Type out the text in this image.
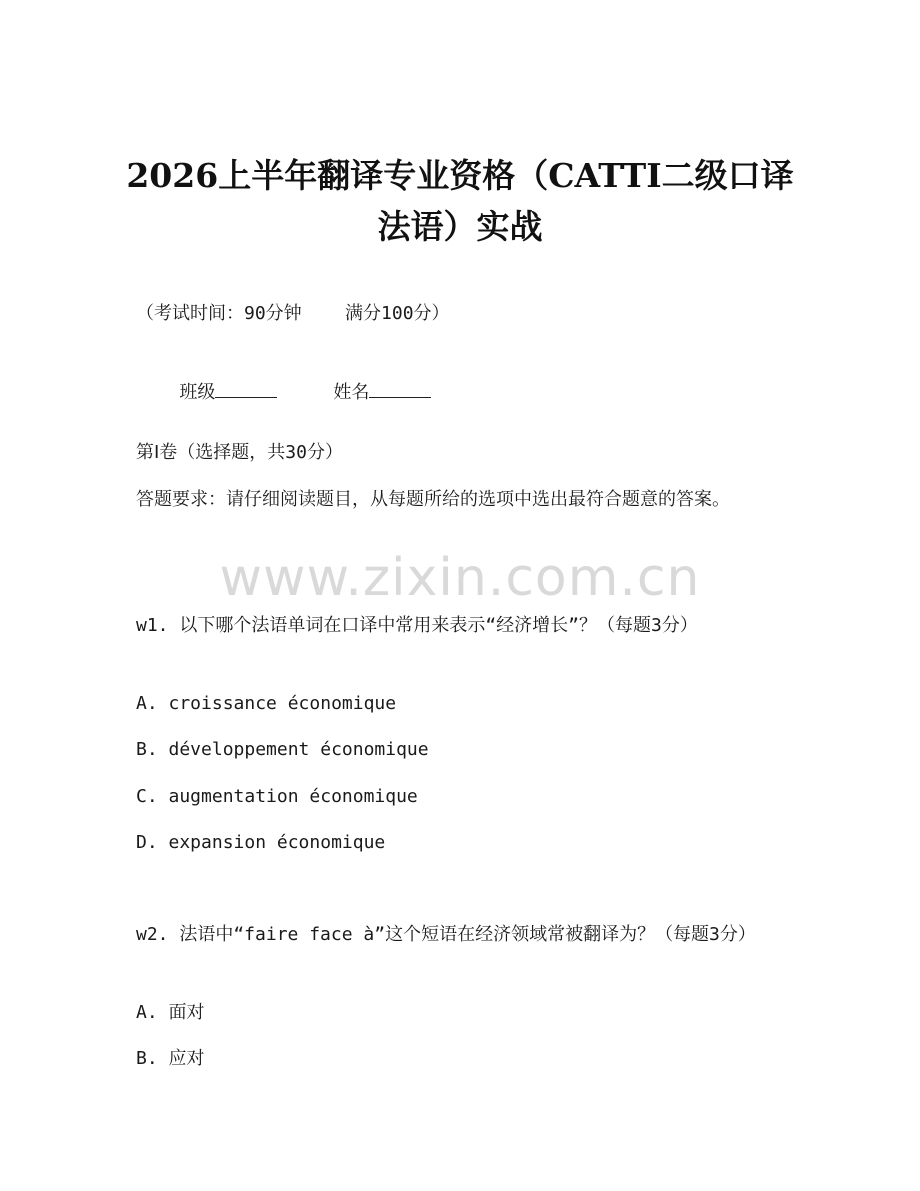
2026上半年翻译专业资格（CATTI二级口译法语）实战
（考试时间：90分钟    满分100分）

班级	姓名

第Ⅰ卷（选择题，共30分）
答题要求：请仔细阅读题目，从每题所给的选项中选出最符合题意的答案。
www.zixin.com.cn
w1. 以下哪个法语单词在口译中常用来表示“经济增长”？（每题3分）
A. croissance économique
B. développement économique
C. augmentation économique
D. expansion économique
w2. 法语中“faire face à”这个短语在经济领域常被翻译为？（每题3分）
A. 面对
B. 应对
